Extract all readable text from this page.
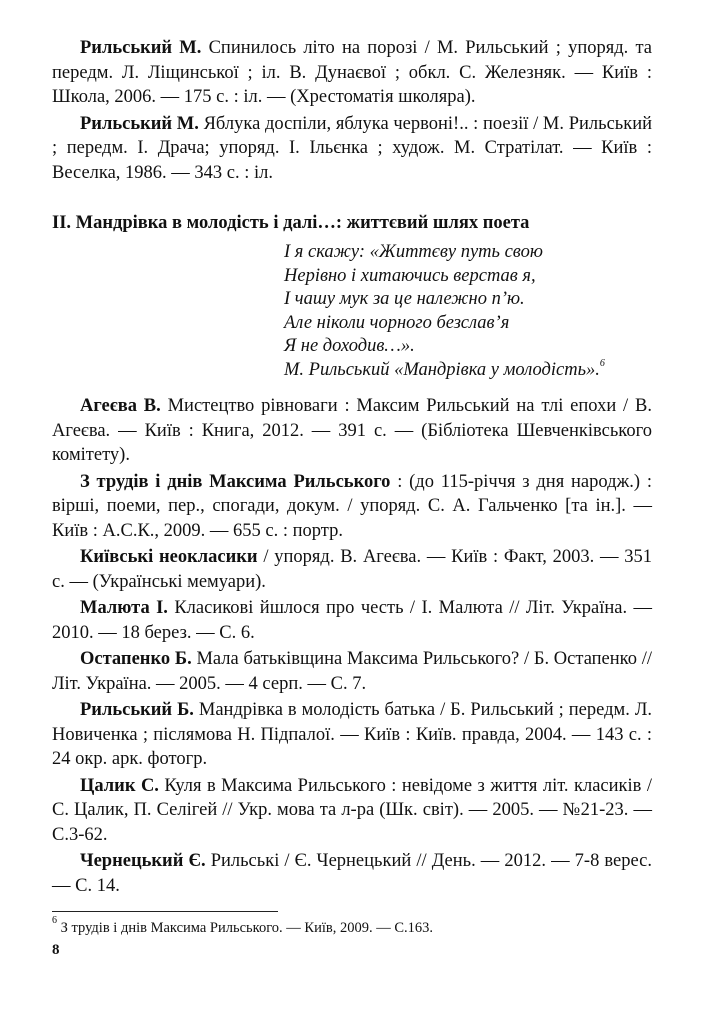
Рильський М. Спинилось літо на порозі / М. Рильський ; упоряд. та передм. Л. Ліщинської ; іл. В. Дунаєвої ; обкл. С. Железняк. — Київ : Школа, 2006. — 175 с. : іл. — (Хрестоматія школяра).

Рильський М. Яблука доспіли, яблука червоні!.. : поезії / М. Рильський ; передм. І. Драча; упоряд. І. Ільєнка ; худож. М. Стратілат. — Київ : Веселка, 1986. — 343 с. : іл.

ІІ. Мандрівка в молодість і далі…: життєвий шлях поета
І я скажу: «Життєву путь свою
Нерівно і хитаючись верстав я,
І чашу мук за це належно п’ю.
Але ніколи чорного безслав’я
Я не доходив…».
М. Рильський «Мандрівка у молодість».$^6$

Агеєва В. Мистецтво рівноваги : Максим Рильський на тлі епохи / В. Агеєва. — Київ : Книга, 2012. — 391 с. — (Бібліотека Шевченківського комітету).

З трудів і днів Максима Рильського : (до 115-річчя з дня народж.) : вірші, поеми, пер., спогади, докум. / упоряд. С. А. Гальченко [та ін.]. — Київ : А.С.К., 2009. — 655 с. : портр.

Київські неокласики / упоряд. В. Агеєва. — Київ : Факт, 2003. — 351 с. — (Українські мемуари).

Малюта І. Класикові йшлося про честь / І. Малюта // Літ. Україна. — 2010. — 18 берез. — С. 6.

Остапенко Б. Мала батьківщина Максима Рильського? / Б. Остапенко // Літ. Україна. — 2005. — 4 серп. — С. 7.

Рильський Б. Мандрівка в молодість батька / Б. Рильський ; передм. Л. Новиченка ; післямова Н. Підпалої. — Київ : Київ. правда, 2004. — 143 с. : 24 окр. арк. фотогр.

Цалик С. Куля в Максима Рильського : невідоме з життя літ. класиків / С. Цалик, П. Селігей // Укр. мова та л-ра (Шк. світ). — 2005. — №21-23. — С.3-62.

Чернецький Є. Рильські / Є. Чернецький // День. — 2012. — 7-8 верес. — С. 14.

$^6$ З трудів і днів Максима Рильського. — Київ, 2009. — С.163.
8
